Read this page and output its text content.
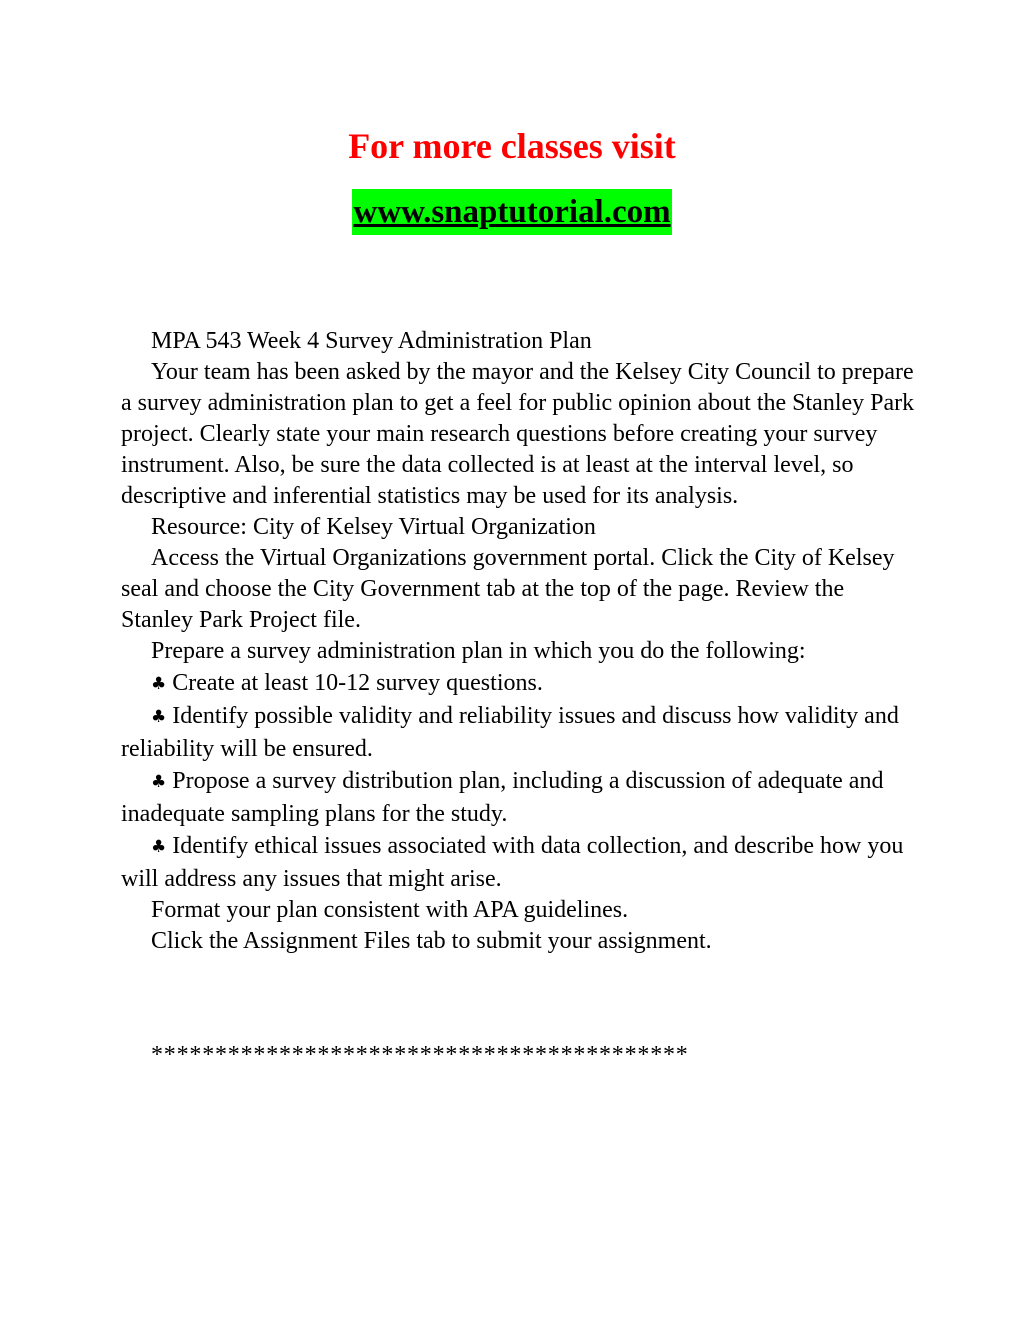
For more classes visit
www.snaptutorial.com

MPA 543 Week 4 Survey Administration Plan

Your team has been asked by the mayor and the Kelsey City Council to prepare a survey administration plan to get a feel for public opinion about the Stanley Park project. Clearly state your main research questions before creating your survey instrument. Also, be sure the data collected is at least at the interval level, so descriptive and inferential statistics may be used for its analysis.

Resource: City of Kelsey Virtual Organization

Access the Virtual Organizations government portal. Click the City of Kelsey seal and choose the City Government tab at the top of the page. Review the Stanley Park Project file.

Prepare a survey administration plan in which you do the following:

♣ Create at least 10-12 survey questions.

♣ Identify possible validity and reliability issues and discuss how validity and reliability will be ensured.

♣ Propose a survey distribution plan, including a discussion of adequate and inadequate sampling plans for the study.

♣ Identify ethical issues associated with data collection, and describe how you will address any issues that might arise.

Format your plan consistent with APA guidelines.

Click the Assignment Files tab to submit your assignment.

******************************************
